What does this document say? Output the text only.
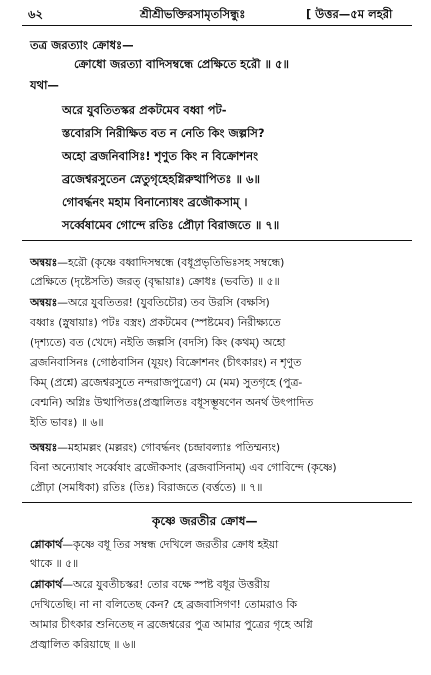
৬২	শ্রীশ্রীভক্তিরসামৃতসিন্ধুঃ	[ উত্তর—৫ম লহরী
তত্র জরত্যাং ক্রোধঃ—
ক্রোধো জরত্যা বাদিসম্বন্ধে প্রেক্ষিতে হরৌ ॥ ৫॥
যথা—
অরে যুবতিতস্কর প্রকটমেব বধ্বা পট-
স্তবোরসি নিরীক্ষিত বত ন নেতি কিং জল্পসি?
অহো ব্রজনিবাসিঃ! শৃণুত কিং ন বিক্রোশনং
ব্রজেশ্বরসুতেন স্নেতুগৃহেহগ্নিরুত্থাপিতঃ ॥ ৬॥
গোবর্দ্ধনং মহাম বিনান্যোষং ব্রজৌকসাম্ ।
সর্ব্বেষামেব গোন্দে রতিঃ প্রৌঢ়া বিরাজতে ॥ ৭॥
অন্বয়ঃ—হরৌ (কৃষ্ণে বধ্বাদিসম্বন্ধে (বধূপ্রভৃতিভিঃসহ সম্বন্ধে)
প্রেক্ষিতে (দৃষ্টেসতি) জরত্ (বৃদ্ধায়াঃ) ক্রোধঃ (ভবতি) ॥ ৫॥
অন্বয়ঃ—অরে যুবতিতর! (যুবতিচৌর) তব উরসি (বক্ষসি)
বধ্বাঃ (স্নুষায়াঃ) পটঃ বস্ত্রং) প্রকটমেব (স্পষ্টমেব) নিরীক্ষ্যতে
(দৃশ্যতে) বত (খেদে) নইতি জল্পসি (বদসি) কিং (কথম্) অহো
ব্রজনিবাসিনঃ (গোষ্ঠবাসিন (যূয়ং) বিক্রোশনং (চীৎকারং) ন শৃণুত
কিম্ (প্রশ্নে) ব্রজেশ্বরসুতে নন্দরাজপুত্রেণ) মে (মম) সুতগৃহে (পুত্র-
বেশ্মনি) অগ্নিঃ উত্থাপিতঃ(প্রজ্বালিতঃ বধূসম্ভূষণেন অনর্থ উৎপাদিত
ইতি ভাবঃ) ॥ ৬॥
অন্বয়ঃ—মহামল্লং (মল্লরং) গোবর্দ্ধনং (চন্দ্রাবল্যাঃ পতিম্মন্যং)
বিনা অন্যোষাং সর্ব্বেষাং ব্রজৌকসাং (ব্রজবাসিনাম্) এব গোবিন্দে (কৃষ্ণে)
প্রৌঢ়া (সমধিকা) রতিঃ (তিঃ) বিরাজতে (বর্ত্ততে) ॥ ৭॥
কৃষ্ণে জরতীর ক্রোধ—
শ্লোকার্থ—কৃষ্ণে বধূ তির সম্বন্ধ দেখিলে জরতীর ক্রোধ হইয়া
থাকে ॥ ৫॥
শ্লোকার্থ—অরে যুবতীচস্কর! তোর বক্ষে স্পষ্ট বধূর উত্তরীয়
দেখিতেছি। না না বলিতেছ কেন? হে ব্রজবাসিগণ! তোমরাও কি
আমার চীৎকার শুনিতেছ ন ব্রজেশ্বরের পুত্র আমার পুত্রের গৃহে অগ্নি
প্রজ্বালিত করিয়াছে ॥ ৬॥
